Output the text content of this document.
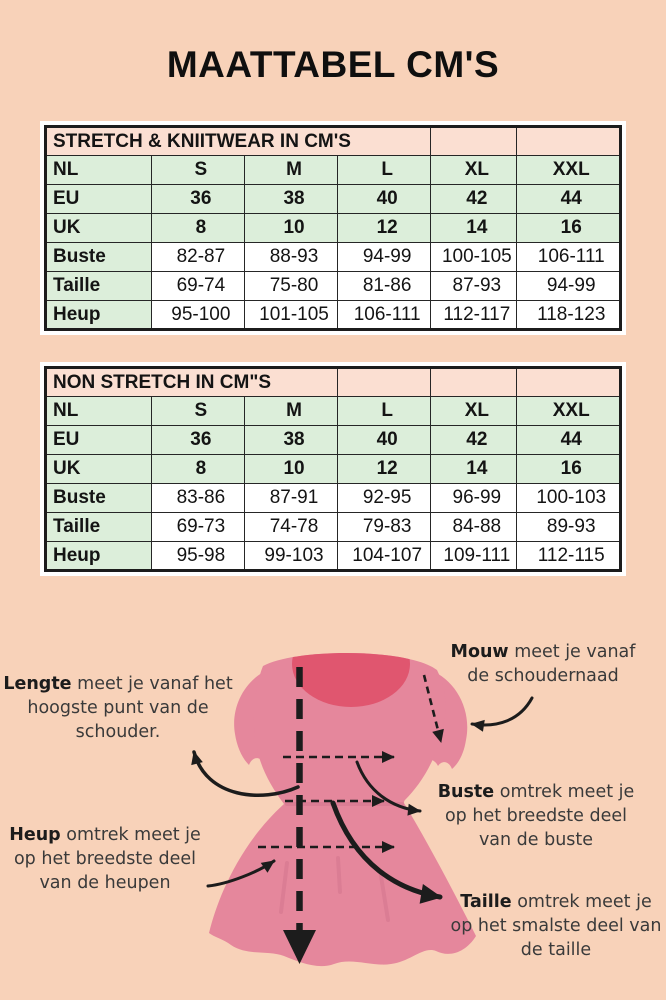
MAATTABEL CM'S
STRETCH & KNIITWEAR IN CM'S					
NL	S	M	L	XL	XXL
EU	36	38	40	42	44
UK	8	10	12	14	16
Buste	82-87	88-93	94-99	100-105	106-111
Taille	69-74	75-80	81-86	87-93	94-99
Heup	95-100	101-105	106-111	112-117	118-123
NON STRETCH IN CM"S					
NL	S	M	L	XL	XXL
EU	36	38	40	42	44
UK	8	10	12	14	16
Buste	83-86	87-91	92-95	96-99	100-103
Taille	69-73	74-78	79-83	84-88	89-93
Heup	95-98	99-103	104-107	109-111	112-115
Lengte meet je vanaf het hoogste punt van de schouder.
Mouw meet je vanaf de schoudernaad
Buste omtrek meet je op het breedste deel van de buste
Heup omtrek meet je op het breedste deel van de heupen
Taille omtrek meet je op het smalste deel van de taille
